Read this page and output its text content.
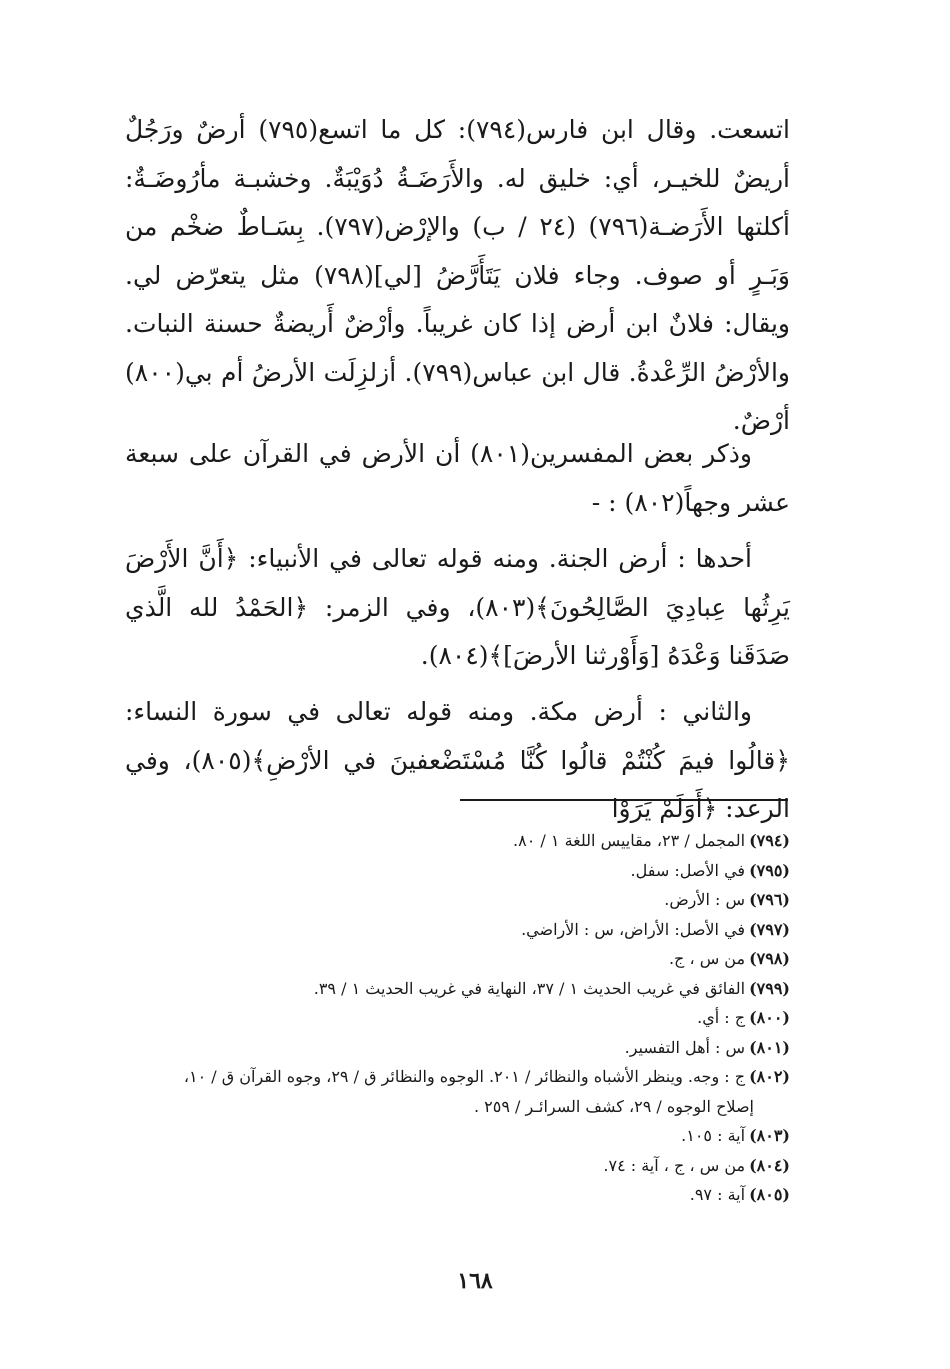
اتسعت. وقال ابن فارس(٧٩٤): كل ما اتسع(٧٩٥) أرضٌ ورَجُلٌ أريضٌ للخيـر، أي: خليق له. والأَرَضَـةُ دُوَيْبَةٌ. وخشبـة مأرُوضَـةٌ: أكلتها الأَرَضـة(٧٩٦) (٢٤ / ب) والإرْض(٧٩٧). بِسَـاطٌ ضخْم من وَبَـرٍ أو صوف. وجاء فلان يَتَأَرَّضُ [لي](٧٩٨) مثل يتعرّض لي. ويقال: فلانٌ ابن أرض إذا كان غريباً. وأرْضٌ أَريضةٌ حسنة النبات. والأرْضُ الرِّعْدةُ. قال ابن عباس(٧٩٩). أزلزِلَت الأرضُ أم بي(٨٠٠) أرْضٌ.

وذكر بعض المفسرين(٨٠١) أن الأرض في القرآن على سبعة عشر وجهاً(٨٠٢) : -

أحدها : أرض الجنة. ومنه قوله تعالى في الأنبياء: ﴿أَنَّ الأَرْضَ يَرِثُها عِبادِيَ الصَّالِحُونَ﴾(٨٠٣)، وفي الزمر: ﴿الحَمْدُ لله الَّذي صَدَقَنا وَعْدَهُ [وَأَوْرثنا الأرضَ]﴾(٨٠٤).

والثاني : أرض مكة. ومنه قوله تعالى في سورة النساء: ﴿قالُوا فيمَ كُنْتُمْ قالُوا كُنَّا مُسْتَضْعفينَ في الأرْضِ﴾(٨٠٥)، وفي الرعد: ﴿أَوَلَمْ يَرَوْا

(٧٩٤)المجمل / ٢٣، مقاييس اللغة ١ / ٨٠.
(٧٩٥)في الأصل: سفل.
(٧٩٦)س : الأرض.
(٧٩٧)في الأصل: الأراض، س : الأراضي.
(٧٩٨)من س ، ج.
(٧٩٩)الفائق في غريب الحديث ١ / ٣٧، النهاية في غريب الحديث ١ / ٣٩.
(٨٠٠)ج : أي.
(٨٠١)س : أهل التفسير.
(٨٠٢)ج : وجه. وينظر الأشباه والنظائر / ٢٠١. الوجوه والنظائر ق / ٢٩، وجوه القرآن ق / ١٠،
إصلاح الوجوه / ٢٩، كشف السرائـر / ٢٥٩ .
(٨٠٣)آية : ١٠٥.
(٨٠٤)من س ، ج ، آية : ٧٤.
(٨٠٥)آية : ٩٧.
١٦٨
